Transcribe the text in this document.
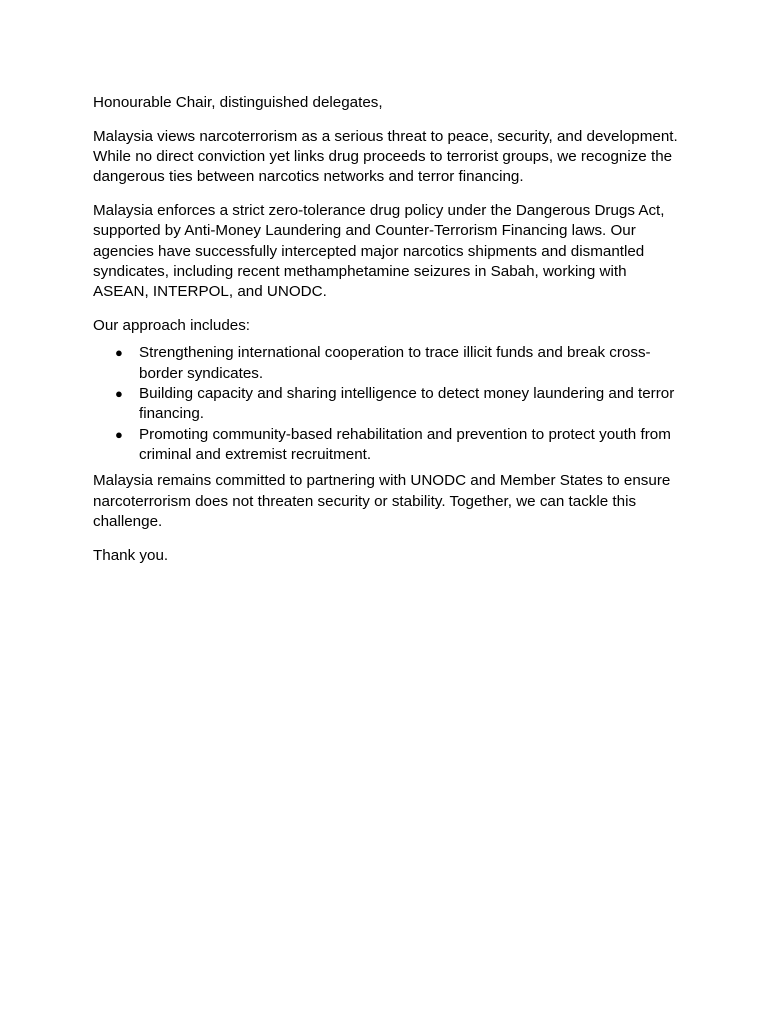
Honourable Chair, distinguished delegates,

Malaysia views narcoterrorism as a serious threat to peace, security, and development. While no direct conviction yet links drug proceeds to terrorist groups, we recognize the dangerous ties between narcotics networks and terror financing.

Malaysia enforces a strict zero-tolerance drug policy under the Dangerous Drugs Act, supported by Anti-Money Laundering and Counter-Terrorism Financing laws. Our agencies have successfully intercepted major narcotics shipments and dismantled syndicates, including recent methamphetamine seizures in Sabah, working with ASEAN, INTERPOL, and UNODC.

Our approach includes:

● Strengthening international cooperation to trace illicit funds and break cross-border syndicates.
● Building capacity and sharing intelligence to detect money laundering and terror financing.
● Promoting community-based rehabilitation and prevention to protect youth from criminal and extremist recruitment.

Malaysia remains committed to partnering with UNODC and Member States to ensure narcoterrorism does not threaten security or stability. Together, we can tackle this challenge.

Thank you.
